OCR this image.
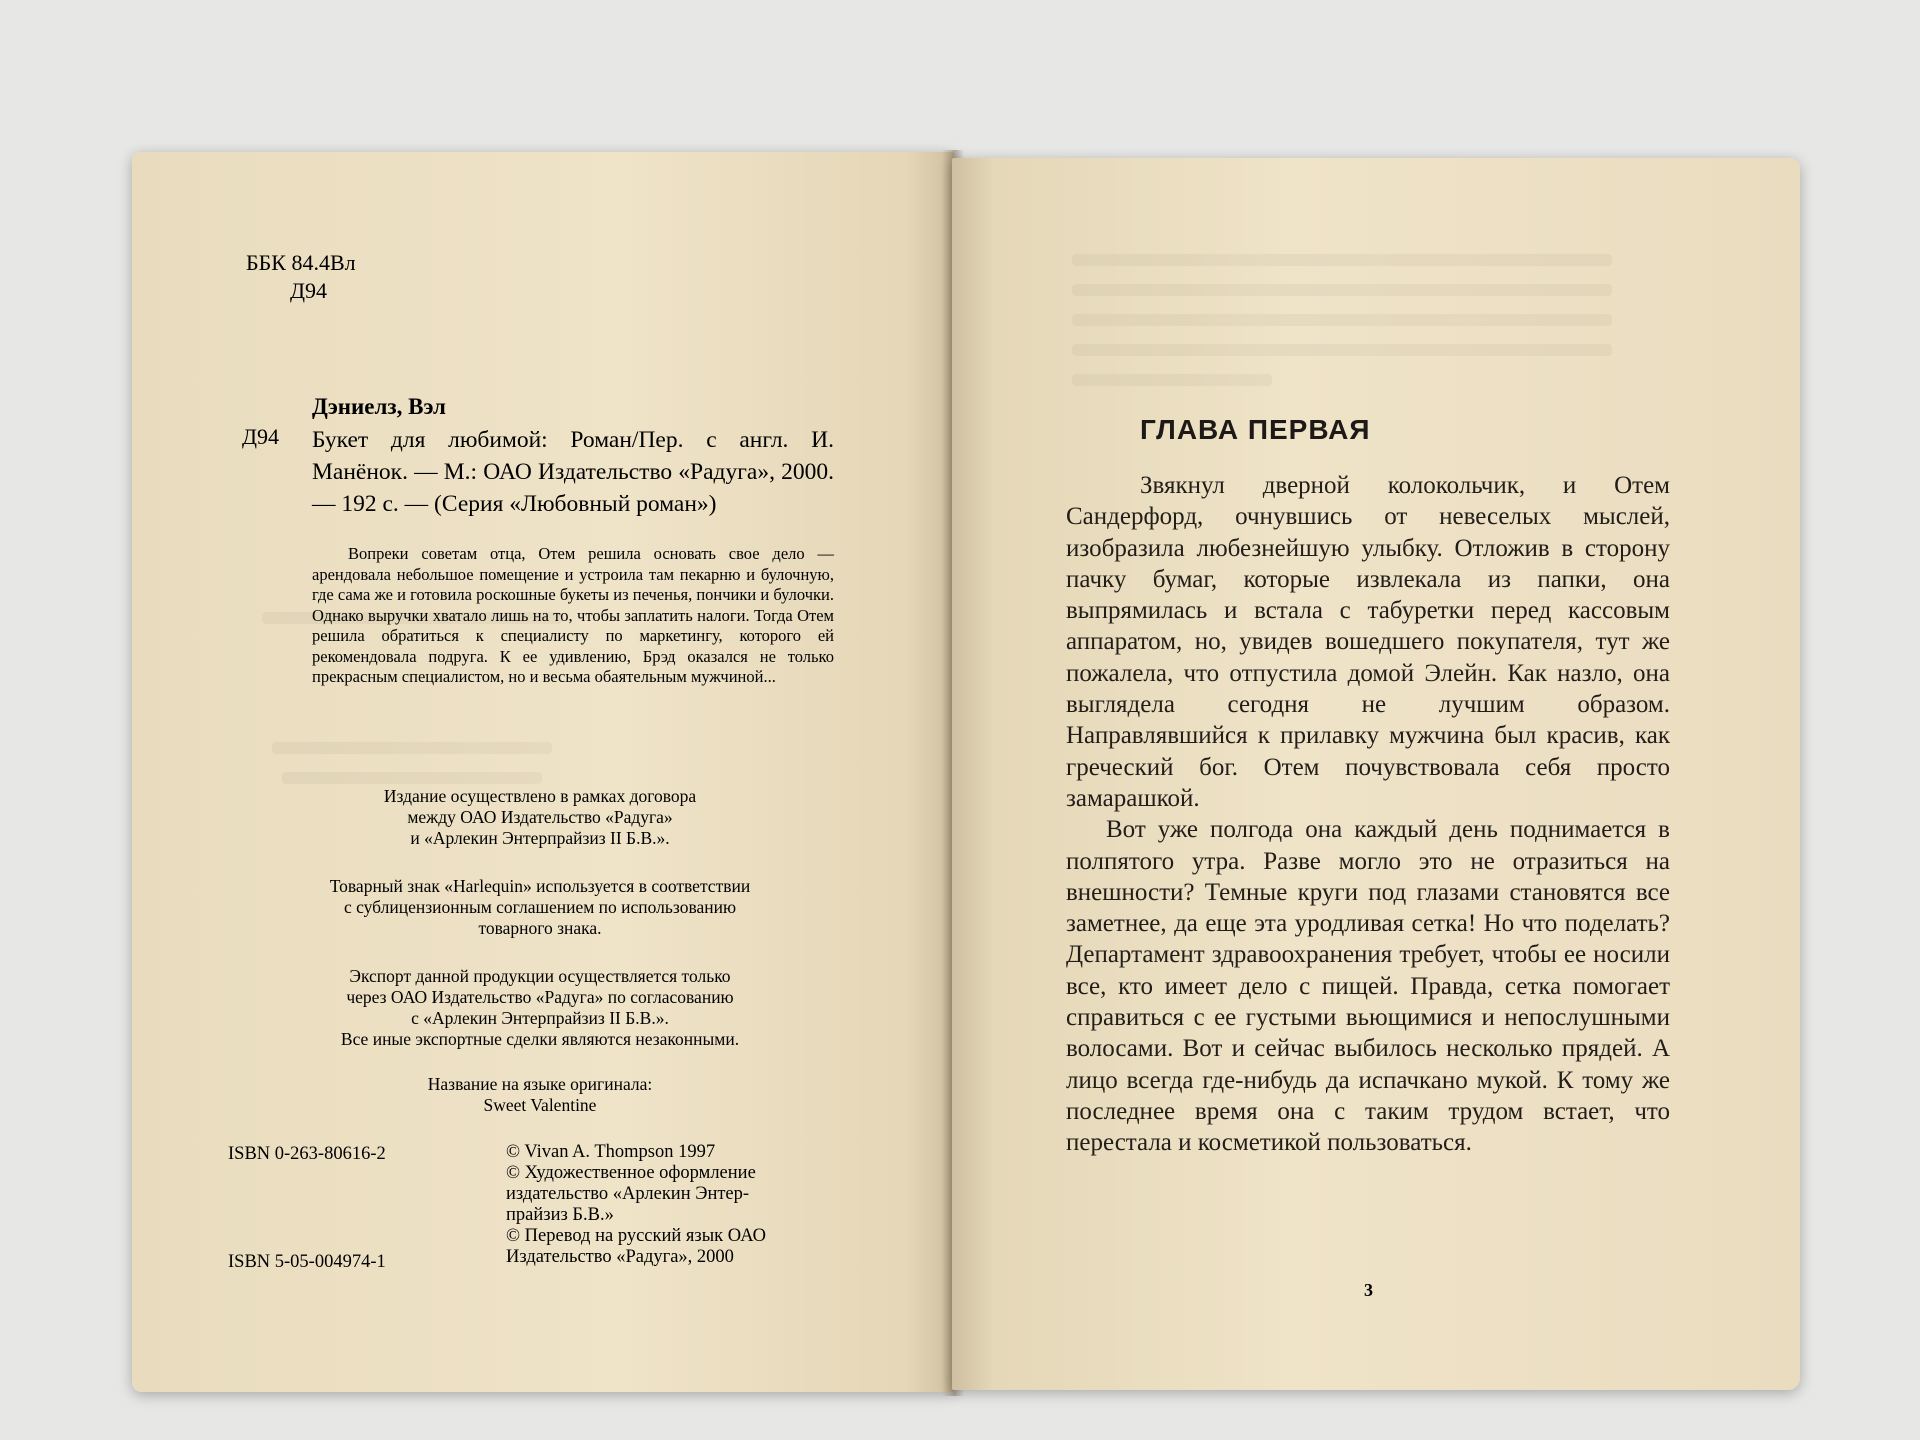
ББК 84.4Вл
Д94
Дэниелз, Вэл
Д94 Букет для любимой: Роман/Пер. с англ. И. Манёнок. — М.: ОАО Издательство «Радуга», 2000. — 192 с. — (Серия «Любовный роман»)
Вопреки советам отца, Отем решила основать свое дело — арендовала небольшое помещение и устроила там пекарню и булочную, где сама же и готовила роскошные букеты из печенья, пончики и булочки. Однако выручки хватало лишь на то, чтобы заплатить налоги. Тогда Отем решила обратиться к специалисту по маркетингу, которого ей рекомендовала подруга. К ее удивлению, Брэд оказался не только прекрасным специалистом, но и весьма обаятельным мужчиной...
Издание осуществлено в рамках договора
между ОАО Издательство «Радуга»
и «Арлекин Энтерпрайзиз II Б.В.».
Товарный знак «Harlequin» используется в соответствии
с сублицензионным соглашением по использованию
товарного знака.
Экспорт данной продукции осуществляется только
через ОАО Издательство «Радуга» по согласованию
с «Арлекин Энтерпрайзиз II Б.В.».
Все иные экспортные сделки являются незаконными.
Название на языке оригинала:
Sweet Valentine
ISBN 0-263-80616-2
ISBN 5-05-004974-1
© Vivan A. Thompson 1997
© Художественное оформление
издательство «Арлекин Энтер-
прайзиз Б.В.»
© Перевод на русский язык ОАО
Издательство «Радуга», 2000
ГЛАВА ПЕРВАЯ

Звякнул дверной колокольчик, и Отем Сандерфорд, очнувшись от невеселых мыслей, изобразила любезнейшую улыбку. Отложив в сторону пачку бумаг, которые извлекала из папки, она выпрямилась и встала с табуретки перед кассовым аппаратом, но, увидев вошедшего покупателя, тут же пожалела, что отпустила домой Элейн. Как назло, она выглядела сегодня не лучшим образом. Направлявшийся к прилавку мужчина был красив, как греческий бог. Отем почувствовала себя просто замарашкой.

Вот уже полгода она каждый день поднимается в полпятого утра. Разве могло это не отразиться на внешности? Темные круги под глазами становятся все заметнее, да еще эта уродливая сетка! Но что поделать? Департамент здравоохранения требует, чтобы ее носили все, кто имеет дело с пищей. Правда, сетка помогает справиться с ее густыми вьющимися и непослушными волосами. Вот и сейчас выбилось несколько прядей. А лицо всегда где-нибудь да испачкано мукой. К тому же последнее время она с таким трудом встает, что перестала и косметикой пользоваться.

3
